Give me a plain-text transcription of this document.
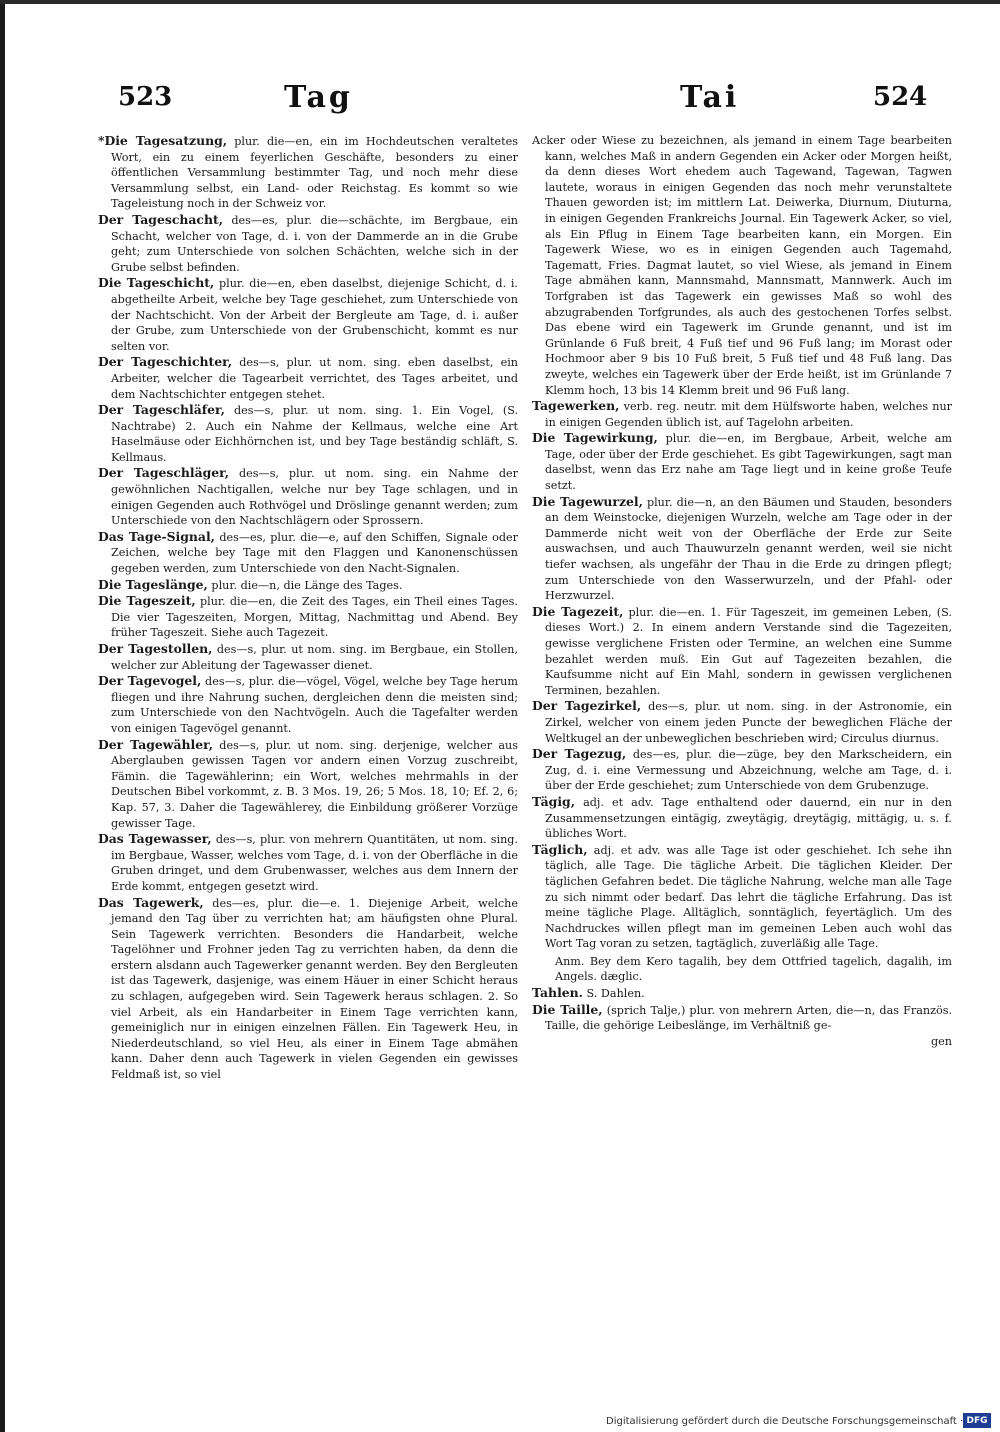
523	Tag	Tai	524

*Die Tagesatzung, plur. die—en, ein im Hochdeutschen veraltetes Wort, ein zu einem feyerlichen Geschäfte, besonders zu einer öffentlichen Versammlung bestimmter Tag, und noch mehr diese Versammlung selbst, ein Land- oder Reichstag. Es kommt so wie Tageleistung noch in der Schweiz vor.

Der Tageschacht, des—es, plur. die—schächte, im Bergbaue, ein Schacht, welcher von Tage, d. i. von der Dammerde an in die Grube geht; zum Unterschiede von solchen Schächten, welche sich in der Grube selbst befinden.

Die Tageschicht, plur. die—en, eben daselbst, diejenige Schicht, d. i. abgetheilte Arbeit, welche bey Tage geschiehet, zum Unterschiede von der Nachtschicht. Von der Arbeit der Bergleute am Tage, d. i. außer der Grube, zum Unterschiede von der Grubenschicht, kommt es nur selten vor.

Der Tageschichter, des—s, plur. ut nom. sing. eben daselbst, ein Arbeiter, welcher die Tagearbeit verrichtet, des Tages arbeitet, und dem Nachtschichter entgegen stehet.

Der Tageschläfer, des—s, plur. ut nom. sing. 1. Ein Vogel, (S. Nachtrabe) 2. Auch ein Nahme der Kellmaus, welche eine Art Haselmäuse oder Eichhörnchen ist, und bey Tage beständig schläft, S. Kellmaus.

Der Tageschläger, des—s, plur. ut nom. sing. ein Nahme der gewöhnlichen Nachtigallen, welche nur bey Tage schlagen, und in einigen Gegenden auch Rothvögel und Dröslinge genannt werden; zum Unterschiede von den Nachtschlägern oder Sprossern.

Das Tage-Signal, des—es, plur. die—e, auf den Schiffen, Signale oder Zeichen, welche bey Tage mit den Flaggen und Kanonenschüssen gegeben werden, zum Unterschiede von den Nacht-Signalen.

Die Tageslänge, plur. die—n, die Länge des Tages.

Die Tageszeit, plur. die—en, die Zeit des Tages, ein Theil eines Tages. Die vier Tageszeiten, Morgen, Mittag, Nachmittag und Abend. Bey früher Tageszeit. Siehe auch Tagezeit.

Der Tagestollen, des—s, plur. ut nom. sing. im Bergbaue, ein Stollen, welcher zur Ableitung der Tagewasser dienet.

Der Tagevogel, des—s, plur. die—vögel, Vögel, welche bey Tage herum fliegen und ihre Nahrung suchen, dergleichen denn die meisten sind; zum Unterschiede von den Nachtvögeln. Auch die Tagefalter werden von einigen Tagevögel genannt.

Der Tagewähler, des—s, plur. ut nom. sing. derjenige, welcher aus Aberglauben gewissen Tagen vor andern einen Vorzug zuschreibt, Fämin. die Tagewählerinn; ein Wort, welches mehrmahls in der Deutschen Bibel vorkommt, z. B. 3 Mos. 19, 26; 5 Mos. 18, 10; Ef. 2, 6; Kap. 57, 3. Daher die Tagewählerey, die Einbildung größerer Vorzüge gewisser Tage.

Das Tagewasser, des—s, plur. von mehrern Quantitäten, ut nom. sing. im Bergbaue, Wasser, welches vom Tage, d. i. von der Oberfläche in die Gruben dringet, und dem Grubenwasser, welches aus dem Innern der Erde kommt, entgegen gesetzt wird.

Das Tagewerk, des—es, plur. die—e. 1. Diejenige Arbeit, welche jemand den Tag über zu verrichten hat; am häufigsten ohne Plural. Sein Tagewerk verrichten. Besonders die Handarbeit, welche Tagelöhner und Frohner jeden Tag zu verrichten haben, da denn die erstern alsdann auch Tagewerker genannt werden. Bey den Bergleuten ist das Tagewerk, dasjenige, was einem Häuer in einer Schicht heraus zu schlagen, aufgegeben wird. Sein Tagewerk heraus schlagen. 2. So viel Arbeit, als ein Handarbeiter in Einem Tage verrichten kann, gemeiniglich nur in einigen einzelnen Fällen. Ein Tagewerk Heu, in Niederdeutschland, so viel Heu, als einer in Einem Tage abmähen kann. Daher denn auch Tagewerk in vielen Gegenden ein gewisses Feldmaß ist, so viel

Acker oder Wiese zu bezeichnen, als jemand in einem Tage bearbeiten kann, welches Maß in andern Gegenden ein Acker oder Morgen heißt, da denn dieses Wort ehedem auch Tagewand, Tagewan, Tagwen lautete, woraus in einigen Gegenden das noch mehr verunstaltete Thauen geworden ist; im mittlern Lat. Deiwerka, Diurnum, Diuturna, in einigen Gegenden Frankreichs Journal. Ein Tagewerk Acker, so viel, als Ein Pflug in Einem Tage bearbeiten kann, ein Morgen. Ein Tagewerk Wiese, wo es in einigen Gegenden auch Tagemahd, Tagematt, Fries. Dagmat lautet, so viel Wiese, als jemand in Einem Tage abmähen kann, Mannsmahd, Mannsmatt, Mannwerk. Auch im Torfgraben ist das Tagewerk ein gewisses Maß so wohl des abzugrabenden Torfgrundes, als auch des gestochenen Torfes selbst. Das ebene wird ein Tagewerk im Grunde genannt, und ist im Grünlande 6 Fuß breit, 4 Fuß tief und 96 Fuß lang; im Morast oder Hochmoor aber 9 bis 10 Fuß breit, 5 Fuß tief und 48 Fuß lang. Das zweyte, welches ein Tagewerk über der Erde heißt, ist im Grünlande 7 Klemm hoch, 13 bis 14 Klemm breit und 96 Fuß lang.

Tagewerken, verb. reg. neutr. mit dem Hülfsworte haben, welches nur in einigen Gegenden üblich ist, auf Tagelohn arbeiten.

Die Tagewirkung, plur. die—en, im Bergbaue, Arbeit, welche am Tage, oder über der Erde geschiehet. Es gibt Tagewirkungen, sagt man daselbst, wenn das Erz nahe am Tage liegt und in keine große Teufe setzt.

Die Tagewurzel, plur. die—n, an den Bäumen und Stauden, besonders an dem Weinstocke, diejenigen Wurzeln, welche am Tage oder in der Dammerde nicht weit von der Oberfläche der Erde zur Seite auswachsen, und auch Thauwurzeln genannt werden, weil sie nicht tiefer wachsen, als ungefähr der Thau in die Erde zu dringen pflegt; zum Unterschiede von den Wasserwurzeln, und der Pfahl- oder Herzwurzel.

Die Tagezeit, plur. die—en. 1. Für Tageszeit, im gemeinen Leben, (S. dieses Wort.) 2. In einem andern Verstande sind die Tagezeiten, gewisse verglichene Fristen oder Termine, an welchen eine Summe bezahlet werden muß. Ein Gut auf Tagezeiten bezahlen, die Kaufsumme nicht auf Ein Mahl, sondern in gewissen verglichenen Terminen, bezahlen.

Der Tagezirkel, des—s, plur. ut nom. sing. in der Astronomie, ein Zirkel, welcher von einem jeden Puncte der beweglichen Fläche der Weltkugel an der unbeweglichen beschrieben wird; Circulus diurnus.

Der Tagezug, des—es, plur. die—züge, bey den Markscheidern, ein Zug, d. i. eine Vermessung und Abzeichnung, welche am Tage, d. i. über der Erde geschiehet; zum Unterschiede von dem Grubenzuge.

Tägig, adj. et adv. Tage enthaltend oder dauernd, ein nur in den Zusammensetzungen eintägig, zweytägig, dreytägig, mittägig, u. s. f. übliches Wort.

Täglich, adj. et adv. was alle Tage ist oder geschiehet. Ich sehe ihn täglich, alle Tage. Die tägliche Arbeit. Die täglichen Kleider. Der täglichen Gefahren bedet. Die tägliche Nahrung, welche man alle Tage zu sich nimmt oder bedarf. Das lehrt die tägliche Erfahrung. Das ist meine tägliche Plage. Alltäglich, sonntäglich, feyertäglich. Um des Nachdruckes willen pflegt man im gemeinen Leben auch wohl das Wort Tag voran zu setzen, tagtäglich, zuverläßig alle Tage.

Anm. Bey dem Kero tagalih, bey dem Ottfried tagelich, dagalih, im Angels. dæglic.

Tahlen. S. Dahlen.

Die Taille, (sprich Talje,) plur. von mehrern Arten, die—n, das Französ. Taille, die gehörige Leibeslänge, im Verhältniß ge-

gen

Digitalisierung gefördert durch die Deutsche Forschungsgemeinschaft · DFG
